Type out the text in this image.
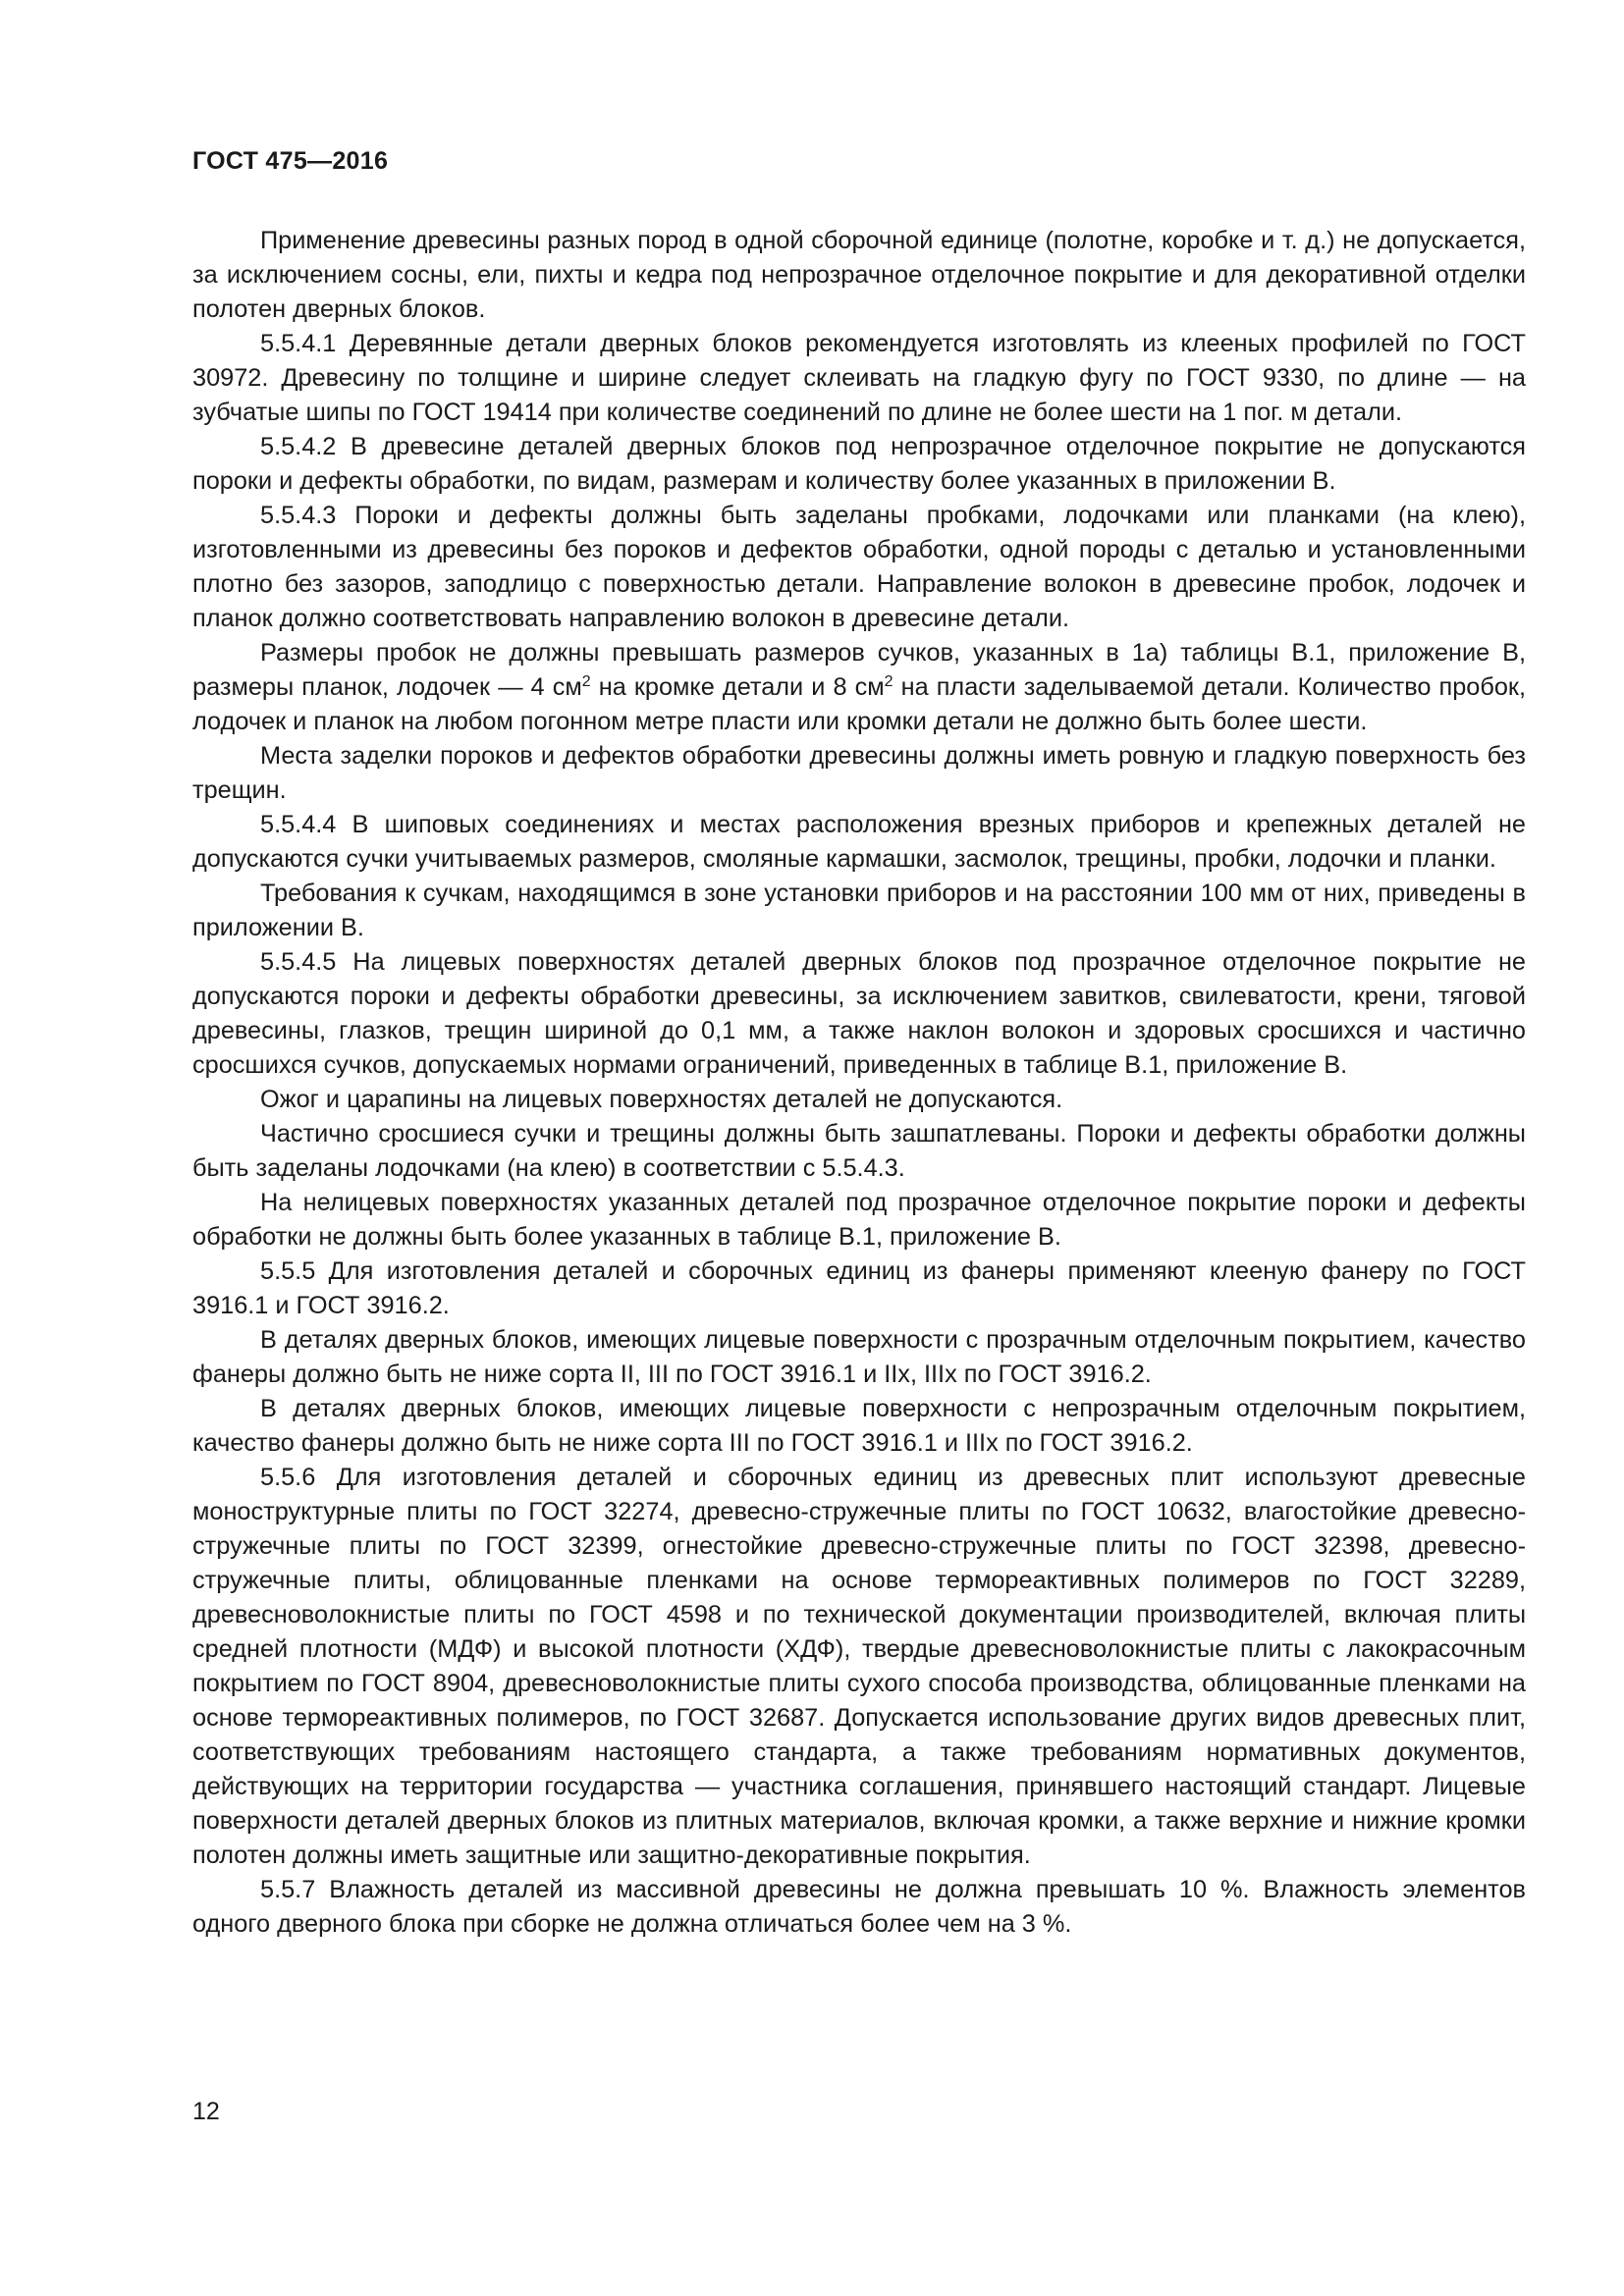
ГОСТ 475—2016

Применение древесины разных пород в одной сборочной единице (полотне, коробке и т. д.) не допускается, за исключением сосны, ели, пихты и кедра под непрозрачное отделочное покрытие и для декоративной отделки полотен дверных блоков.

5.5.4.1 Деревянные детали дверных блоков рекомендуется изготовлять из клееных профилей по ГОСТ 30972. Древесину по толщине и ширине следует склеивать на гладкую фугу по ГОСТ 9330, по длине — на зубчатые шипы по ГОСТ 19414 при количестве соединений по длине не более шести на 1 пог. м детали.

5.5.4.2 В древесине деталей дверных блоков под непрозрачное отделочное покрытие не допускаются пороки и дефекты обработки, по видам, размерам и количеству более указанных в приложении В.

5.5.4.3 Пороки и дефекты должны быть заделаны пробками, лодочками или планками (на клею), изготовленными из древесины без пороков и дефектов обработки, одной породы с деталью и установленными плотно без зазоров, заподлицо с поверхностью детали. Направление волокон в древесине пробок, лодочек и планок должно соответствовать направлению волокон в древесине детали.

Размеры пробок не должны превышать размеров сучков, указанных в 1а) таблицы В.1, приложение В, размеры планок, лодочек — 4 $см^2$ на кромке детали и 8 $см^2$ на пласти заделываемой детали. Количество пробок, лодочек и планок на любом погонном метре пласти или кромки детали не должно быть более шести.

Места заделки пороков и дефектов обработки древесины должны иметь ровную и гладкую поверхность без трещин.

5.5.4.4 В шиповых соединениях и местах расположения врезных приборов и крепежных деталей не допускаются сучки учитываемых размеров, смоляные кармашки, засмолок, трещины, пробки, лодочки и планки.

Требования к сучкам, находящимся в зоне установки приборов и на расстоянии 100 мм от них, приведены в приложении В.

5.5.4.5 На лицевых поверхностях деталей дверных блоков под прозрачное отделочное покрытие не допускаются пороки и дефекты обработки древесины, за исключением завитков, свилеватости, крени, тяговой древесины, глазков, трещин шириной до 0,1 мм, а также наклон волокон и здоровых сросшихся и частично сросшихся сучков, допускаемых нормами ограничений, приведенных в таблице В.1, приложение В.

Ожог и царапины на лицевых поверхностях деталей не допускаются.

Частично сросшиеся сучки и трещины должны быть зашпатлеваны. Пороки и дефекты обработки должны быть заделаны лодочками (на клею) в соответствии с 5.5.4.3.

На нелицевых поверхностях указанных деталей под прозрачное отделочное покрытие пороки и дефекты обработки не должны быть более указанных в таблице В.1, приложение В.

5.5.5 Для изготовления деталей и сборочных единиц из фанеры применяют клееную фанеру по ГОСТ 3916.1 и ГОСТ 3916.2.

В деталях дверных блоков, имеющих лицевые поверхности с прозрачным отделочным покрытием, качество фанеры должно быть не ниже сорта II, III по ГОСТ 3916.1 и IIх, IIIх по ГОСТ 3916.2.

В деталях дверных блоков, имеющих лицевые поверхности с непрозрачным отделочным покрытием, качество фанеры должно быть не ниже сорта III по ГОСТ 3916.1 и IIIх по ГОСТ 3916.2.

5.5.6 Для изготовления деталей и сборочных единиц из древесных плит используют древесные моноструктурные плиты по ГОСТ 32274, древесно-стружечные плиты по ГОСТ 10632, влагостойкие древесно-стружечные плиты по ГОСТ 32399, огнестойкие древесно-стружечные плиты по ГОСТ 32398, древесно-стружечные плиты, облицованные пленками на основе термореактивных полимеров по ГОСТ 32289, древесноволокнистые плиты по ГОСТ 4598 и по технической документации производителей, включая плиты средней плотности (МДФ) и высокой плотности (ХДФ), твердые древесноволокнистые плиты с лакокрасочным покрытием по ГОСТ 8904, древесноволокнистые плиты сухого способа производства, облицованные пленками на основе термореактивных полимеров, по ГОСТ 32687. Допускается использование других видов древесных плит, соответствующих требованиям настоящего стандарта, а также требованиям нормативных документов, действующих на территории государства — участника соглашения, принявшего настоящий стандарт. Лицевые поверхности деталей дверных блоков из плитных материалов, включая кромки, а также верхние и нижние кромки полотен должны иметь защитные или защитно-декоративные покрытия.

5.5.7 Влажность деталей из массивной древесины не должна превышать 10 %. Влажность элементов одного дверного блока при сборке не должна отличаться более чем на 3 %.

12
